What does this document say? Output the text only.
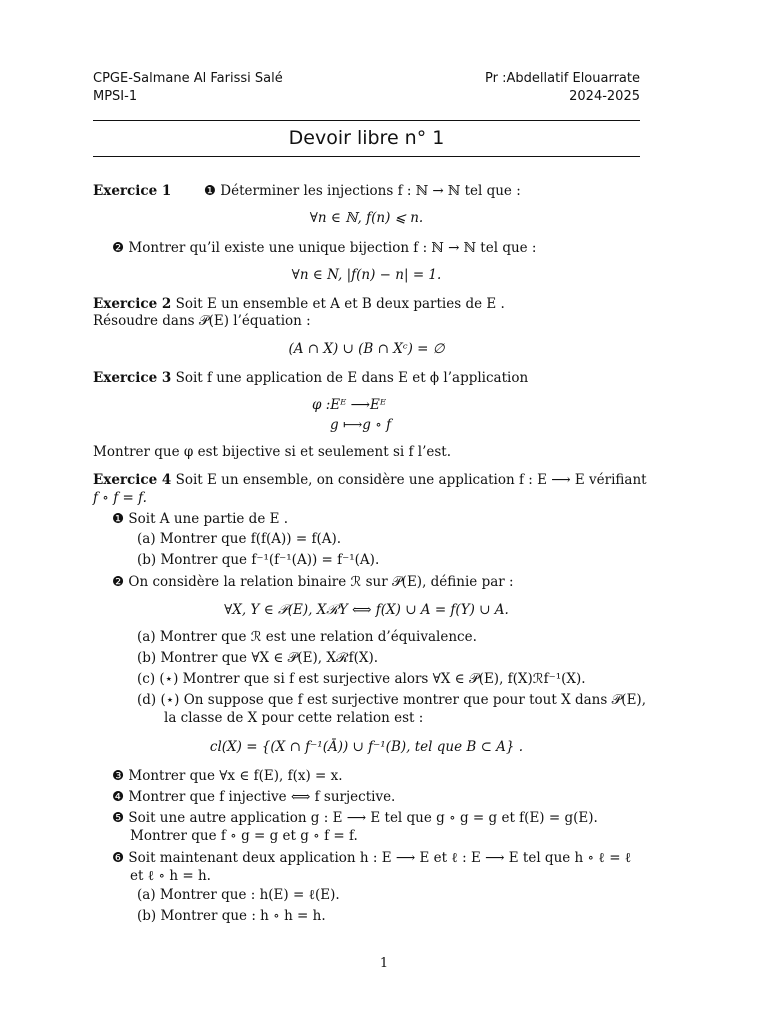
CPGE-Salmane Al Farissi Salé
MPSI-1
Pr :Abdellatif Elouarrate
2024-2025
Devoir libre n° 1
Exercice 1 ❶ Déterminer les injections f : ℕ → ℕ tel que :
∀n ∈ ℕ, f(n) ⩽ n.
❷ Montrer qu’il existe une unique bijection f : ℕ → ℕ tel que :
∀n ∈ N, |f(n) − n| = 1.
Exercice 2 Soit E un ensemble et A et B deux parties de E .
Résoudre dans 𝒫(E) l’équation :
(A ∩ X) ∪ (B ∩ Xᶜ) = ∅
Exercice 3 Soit f une application de E dans E et ϕ l’application
φ :Eᴱ ⟶Eᴱ
g ⟼g ∘ f
Montrer que φ est bijective si et seulement si f l’est.
Exercice 4 Soit E un ensemble, on considère une application f : E ⟶ E vérifiant
f ∘ f = f.
❶ Soit A une partie de E .
(a) Montrer que f(f(A)) = f(A).
(b) Montrer que f⁻¹(f⁻¹(A)) = f⁻¹(A).
❷ On considère la relation binaire ℛ sur 𝒫(E), définie par :
∀X, Y ∈ 𝒫(E), XℛY ⟺ f(X) ∪ A = f(Y) ∪ A.
(a) Montrer que ℛ est une relation d’équivalence.
(b) Montrer que ∀X ∈ 𝒫(E), Xℛf(X).
(c) (⋆) Montrer que si f est surjective alors ∀X ∈ 𝒫(E), f(X)ℛf⁻¹(X).
(d) (⋆) On suppose que f est surjective montrer que pour tout X dans 𝒫(E),
la classe de X pour cette relation est :
cl(X) = {(X ∩ f⁻¹(Ā)) ∪ f⁻¹(B), tel que B ⊂ A} .
❸ Montrer que ∀x ∈ f(E), f(x) = x.
❹ Montrer que f injective ⟺ f surjective.
❺ Soit une autre application g : E ⟶ E tel que g ∘ g = g et f(E) = g(E).
Montrer que f ∘ g = g et g ∘ f = f.
❻ Soit maintenant deux application h : E ⟶ E et ℓ : E ⟶ E tel que h ∘ ℓ = ℓ
et ℓ ∘ h = h.
(a) Montrer que : h(E) = ℓ(E).
(b) Montrer que : h ∘ h = h.
1
